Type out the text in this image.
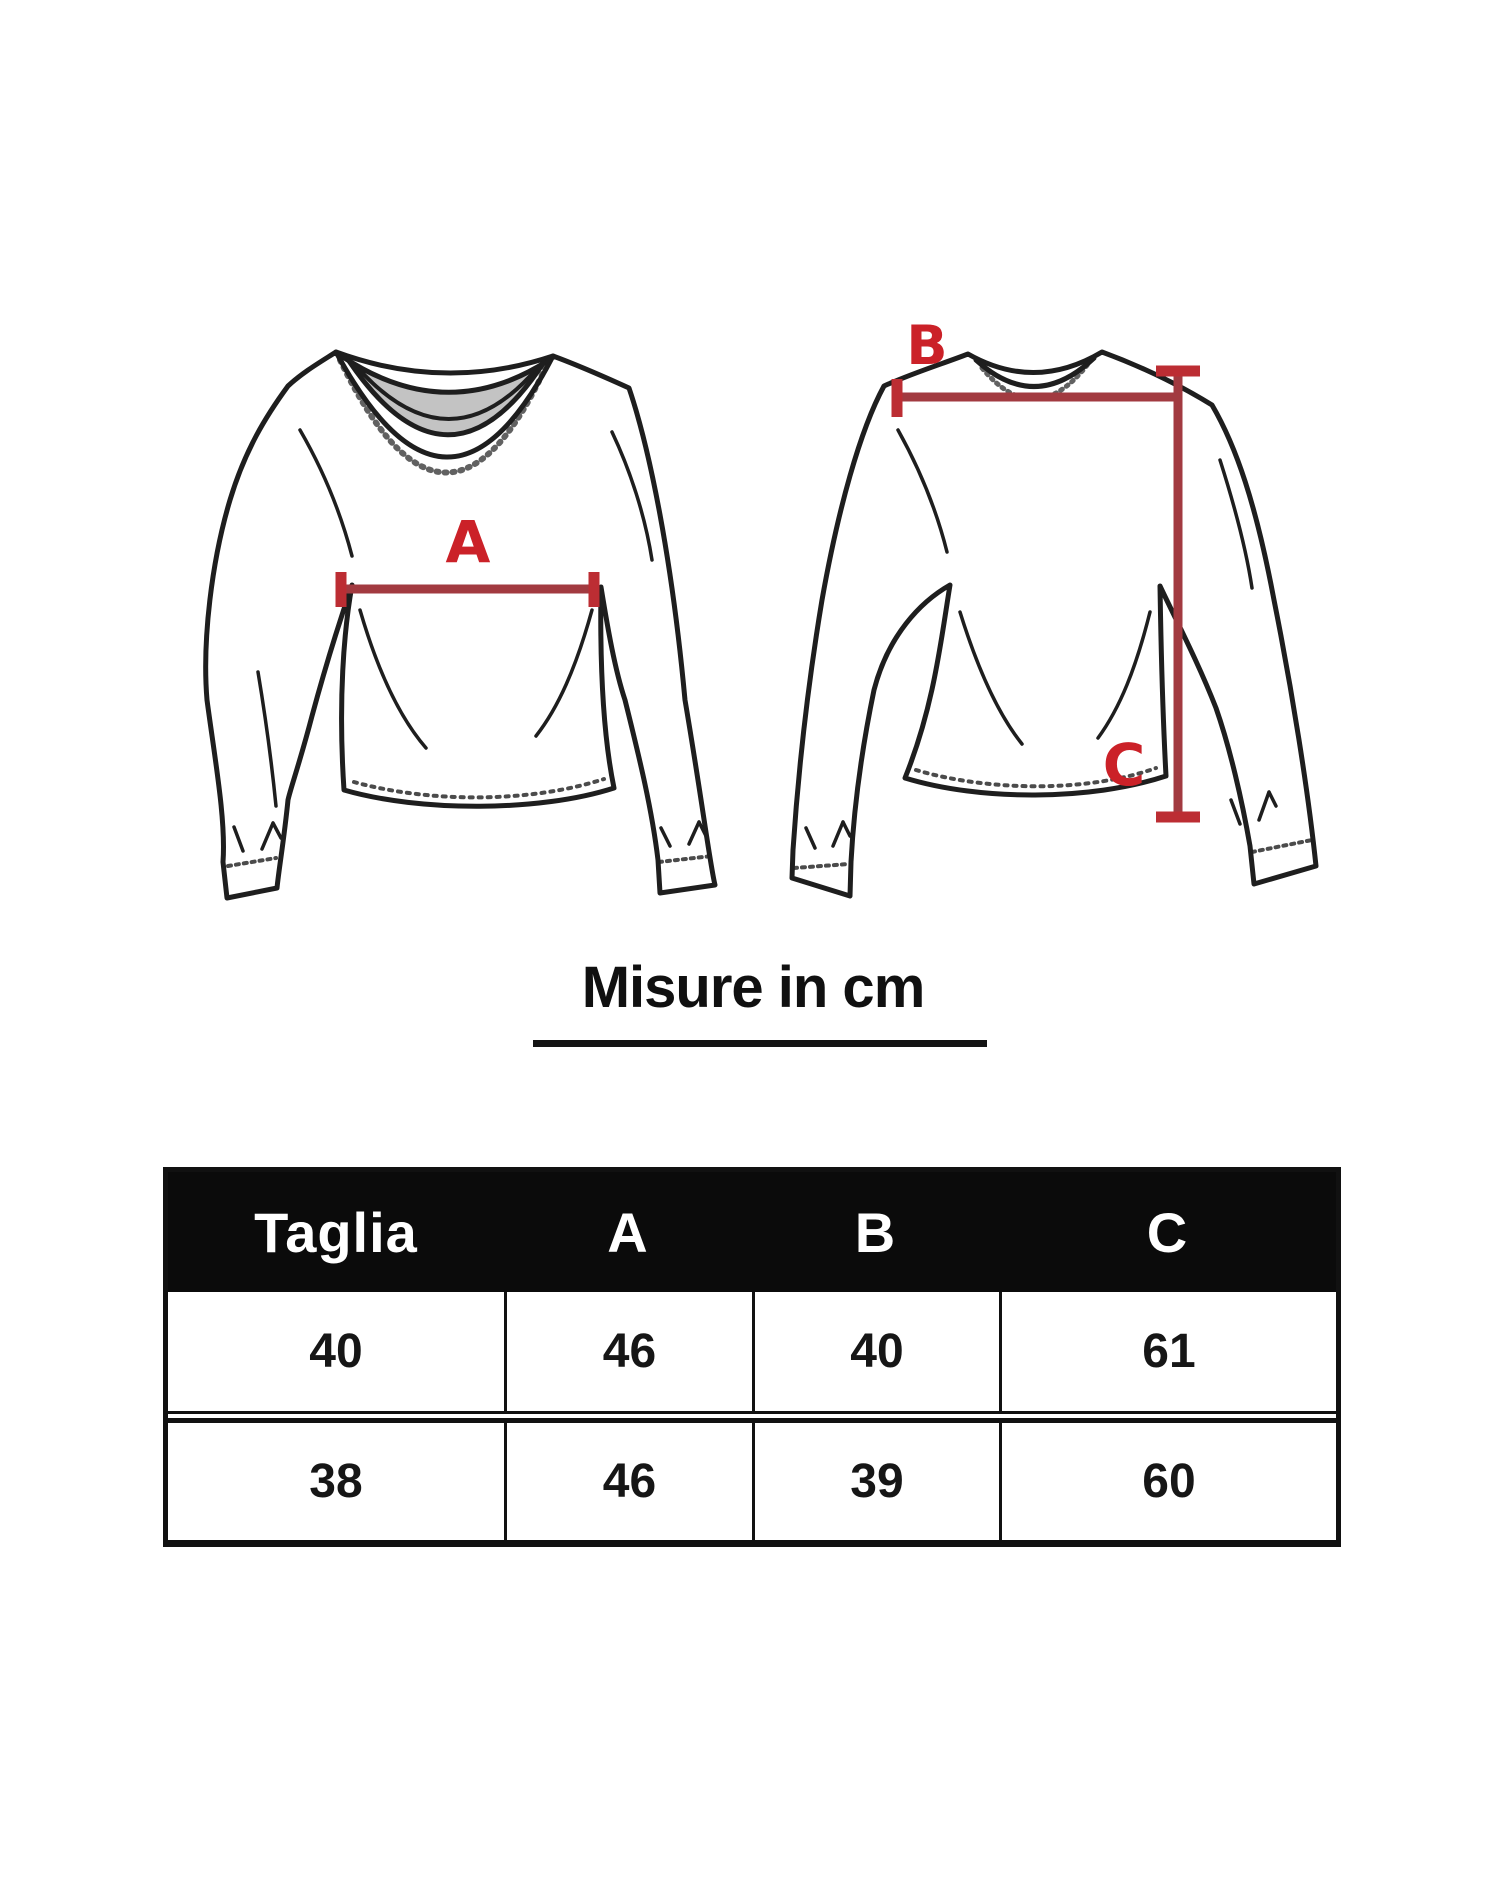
A
B
C
Misure in cm
Taglia	A	B	C
40	46	40	61
38	46	39	60
